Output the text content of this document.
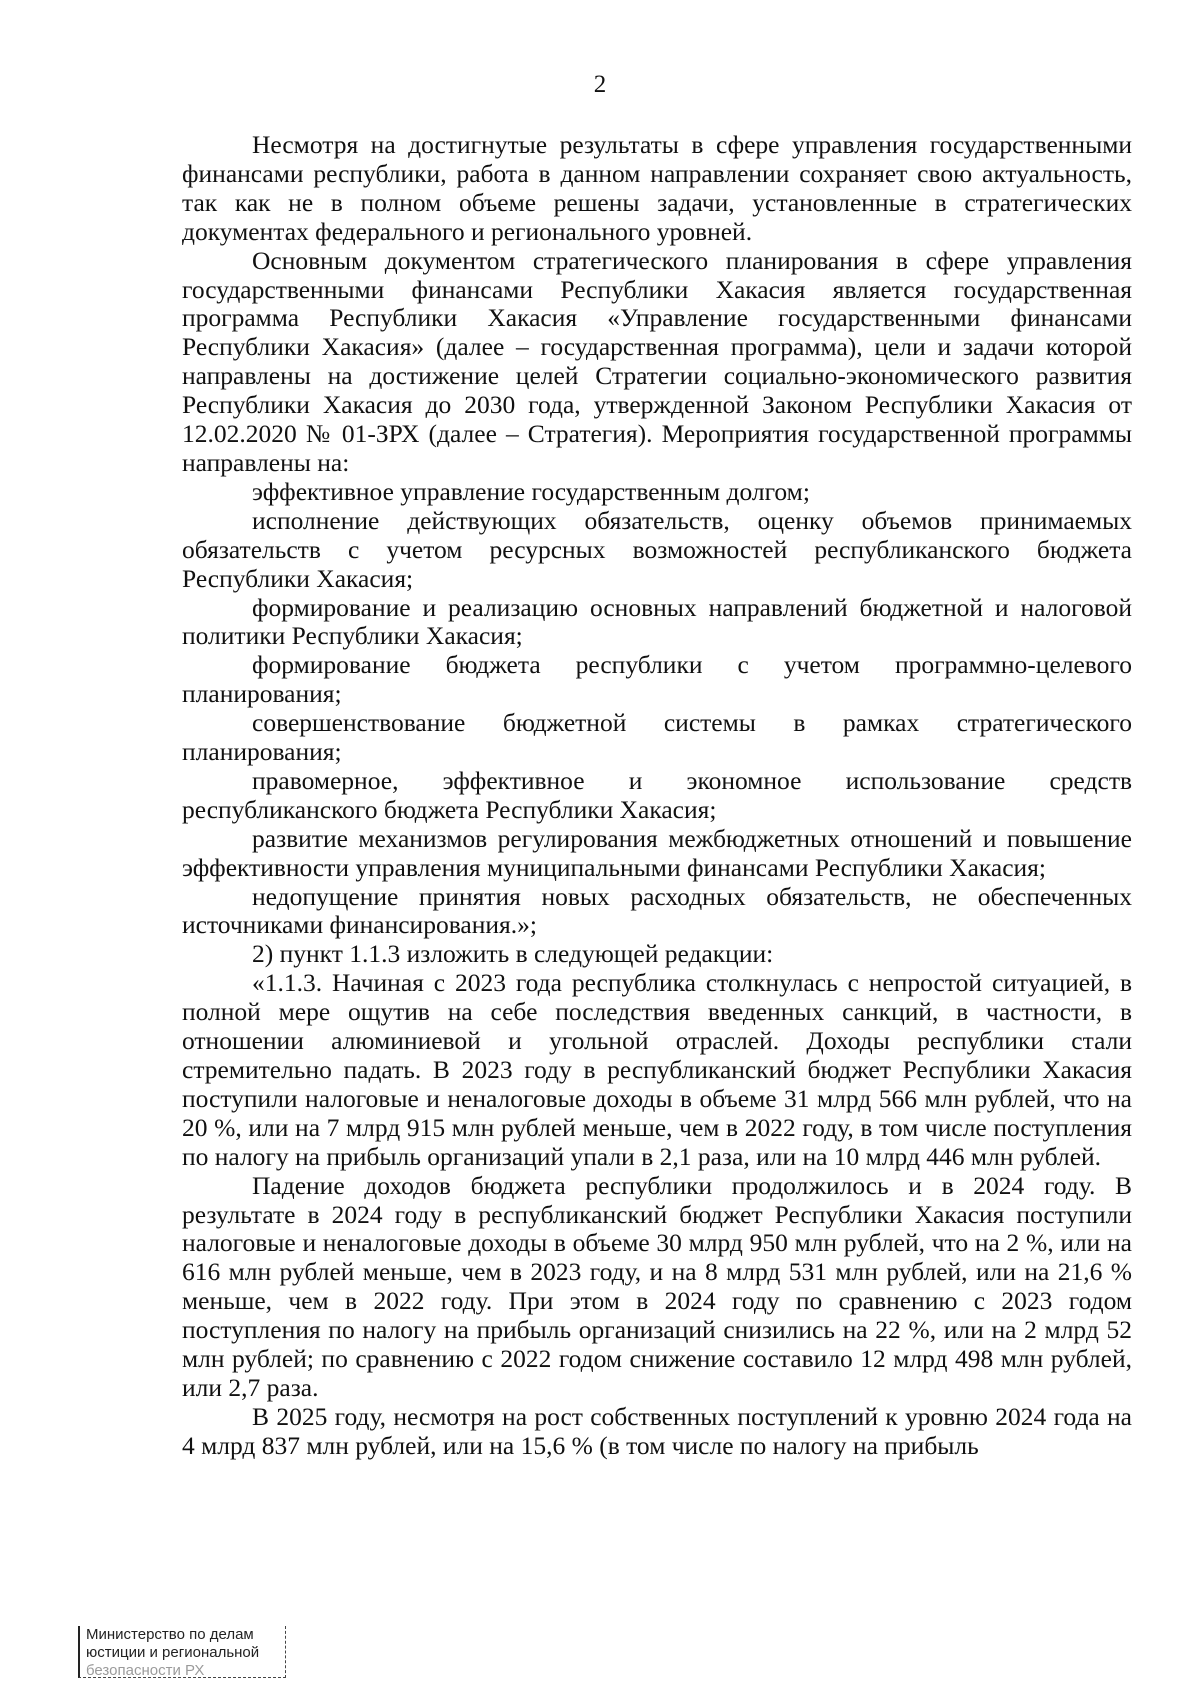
2

Несмотря на достигнутые результаты в сфере управления государственными финансами республики, работа в данном направлении сохраняет свою актуальность, так как не в полном объеме решены задачи, установленные в стратегических документах федерального и регионального уровней.

Основным документом стратегического планирования в сфере управления государственными финансами Республики Хакасия является государственная программа Республики Хакасия «Управление государственными финансами Республики Хакасия» (далее – государственная программа), цели и задачи которой направлены на достижение целей Стратегии социально-экономического развития Республики Хакасия до 2030 года, утвержденной Законом Республики Хакасия от 12.02.2020 № 01-ЗРХ (далее – Стратегия). Мероприятия государственной программы направлены на:

эффективное управление государственным долгом;

исполнение действующих обязательств, оценку объемов принимаемых обязательств с учетом ресурсных возможностей республиканского бюджета Республики Хакасия;

формирование и реализацию основных направлений бюджетной и налоговой политики Республики Хакасия;

формирование бюджета республики с учетом программно-целевого планирования;

совершенствование бюджетной системы в рамках стратегического планирования;

правомерное, эффективное и экономное использование средств республиканского бюджета Республики Хакасия;

развитие механизмов регулирования межбюджетных отношений и повышение эффективности управления муниципальными финансами Республики Хакасия;

недопущение принятия новых расходных обязательств, не обеспеченных источниками финансирования.»;

2) пункт 1.1.3 изложить в следующей редакции:

«1.1.3. Начиная с 2023 года республика столкнулась с непростой ситуацией, в полной мере ощутив на себе последствия введенных санкций, в частности, в отношении алюминиевой и угольной отраслей. Доходы республики стали стремительно падать. В 2023 году в республиканский бюджет Республики Хакасия поступили налоговые и неналоговые доходы в объеме 31 млрд 566 млн рублей, что на 20 %, или на 7 млрд 915 млн рублей меньше, чем в 2022 году, в том числе поступления по налогу на прибыль организаций упали в 2,1 раза, или на 10 млрд 446 млн рублей.

Падение доходов бюджета республики продолжилось и в 2024 году. В результате в 2024 году в республиканский бюджет Республики Хакасия поступили налоговые и неналоговые доходы в объеме 30 млрд 950 млн рублей, что на 2 %, или на 616 млн рублей меньше, чем в 2023 году, и на 8 млрд 531 млн рублей, или на 21,6 % меньше, чем в 2022 году. При этом в 2024 году по сравнению с 2023 годом поступления по налогу на прибыль организаций снизились на 22 %, или на 2 млрд 52 млн рублей; по сравнению с 2022 годом снижение составило 12 млрд 498 млн рублей, или 2,7 раза.

В 2025 году, несмотря на рост собственных поступлений к уровню 2024 года на 4 млрд 837 млн рублей, или на 15,6 % (в том числе по налогу на прибыль

Министерство по делам
юстиции и региональной
безопасности РХ
